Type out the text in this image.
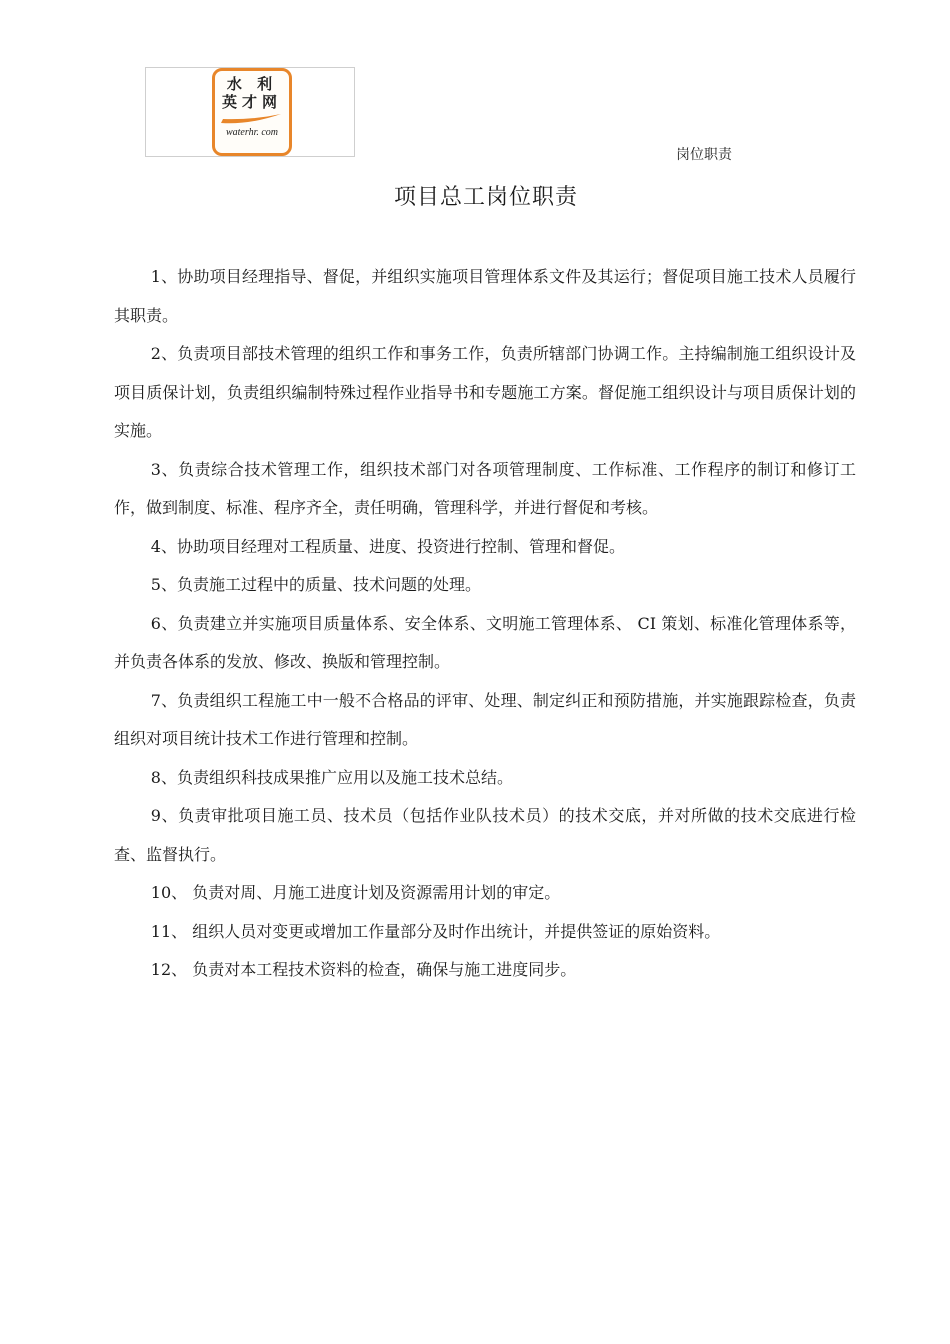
水 利
英才网
waterhr. com
岗位职责
项目总工岗位职责

1、协助项目经理指导、督促，并组织实施项目管理体系文件及其运行；督促项目施工技术人员履行其职责。

2、负责项目部技术管理的组织工作和事务工作，负责所辖部门协调工作。主持编制施工组织设计及项目质保计划，负责组织编制特殊过程作业指导书和专题施工方案。督促施工组织设计与项目质保计划的实施。

3、负责综合技术管理工作，组织技术部门对各项管理制度、工作标准、工作程序的制订和修订工作，做到制度、标准、程序齐全，责任明确，管理科学，并进行督促和考核。

4、协助项目经理对工程质量、进度、投资进行控制、管理和督促。

5、负责施工过程中的质量、技术问题的处理。

6、负责建立并实施项目质量体系、安全体系、文明施工管理体系、 CI 策划、标准化管理体系等，并负责各体系的发放、修改、换版和管理控制。

7、负责组织工程施工中一般不合格品的评审、处理、制定纠正和预防措施，并实施跟踪检查，负责组织对项目统计技术工作进行管理和控制。

8、负责组织科技成果推广应用以及施工技术总结。

9、负责审批项目施工员、技术员（包括作业队技术员）的技术交底，并对所做的技术交底进行检查、监督执行。

10、 负责对周、月施工进度计划及资源需用计划的审定。

11、 组织人员对变更或增加工作量部分及时作出统计，并提供签证的原始资料。

12、 负责对本工程技术资料的检查，确保与施工进度同步。
